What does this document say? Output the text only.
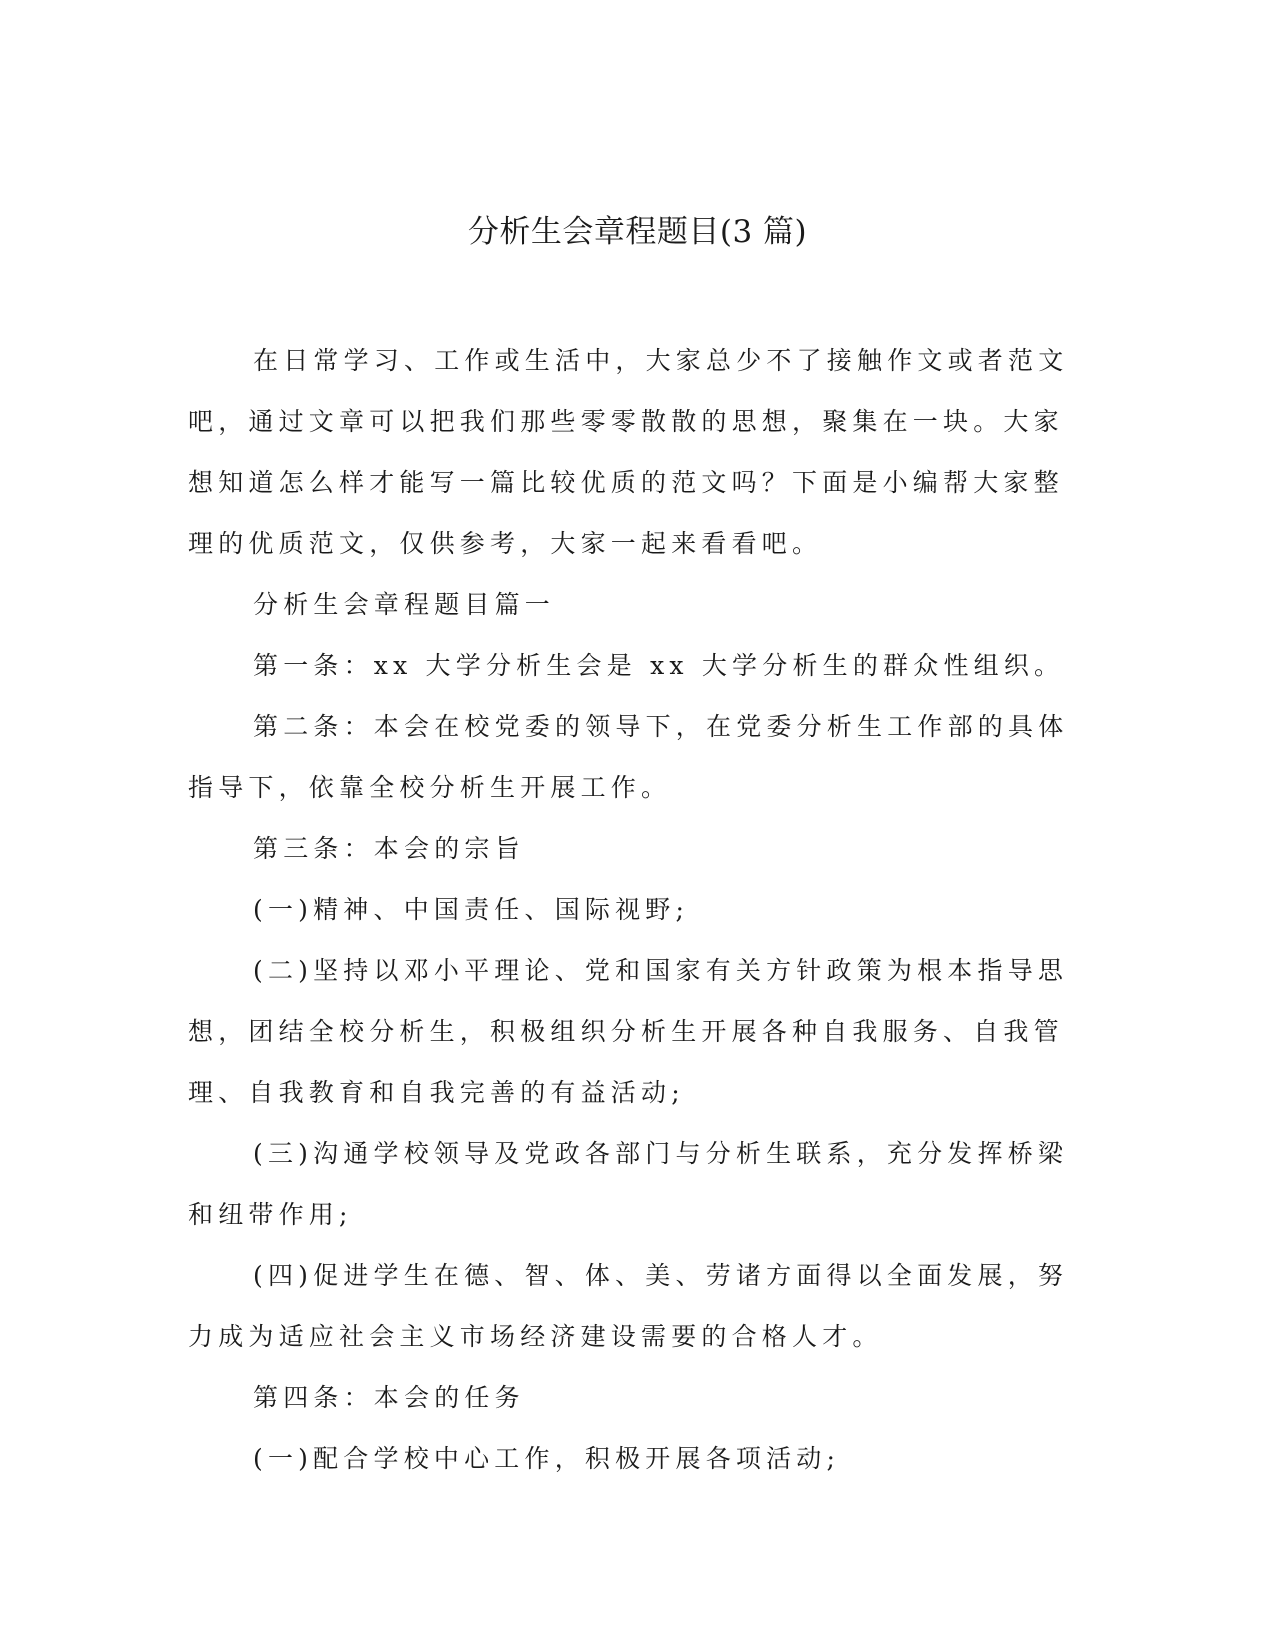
分析生会章程题目(3 篇)

在日常学习、工作或生活中，大家总少不了接触作文或者范文吧，通过文章可以把我们那些零零散散的思想，聚集在一块。大家想知道怎么样才能写一篇比较优质的范文吗？下面是小编帮大家整理的优质范文，仅供参考，大家一起来看看吧。

分析生会章程题目篇一

第一条：xx 大学分析生会是 xx 大学分析生的群众性组织。

第二条：本会在校党委的领导下，在党委分析生工作部的具体指导下，依靠全校分析生开展工作。

第三条：本会的宗旨

(一)精神、中国责任、国际视野;

(二)坚持以邓小平理论、党和国家有关方针政策为根本指导思想，团结全校分析生，积极组织分析生开展各种自我服务、自我管理、自我教育和自我完善的有益活动;

(三)沟通学校领导及党政各部门与分析生联系，充分发挥桥梁和纽带作用;

(四)促进学生在德、智、体、美、劳诸方面得以全面发展，努力成为适应社会主义市场经济建设需要的合格人才。

第四条：本会的任务

(一)配合学校中心工作，积极开展各项活动;
